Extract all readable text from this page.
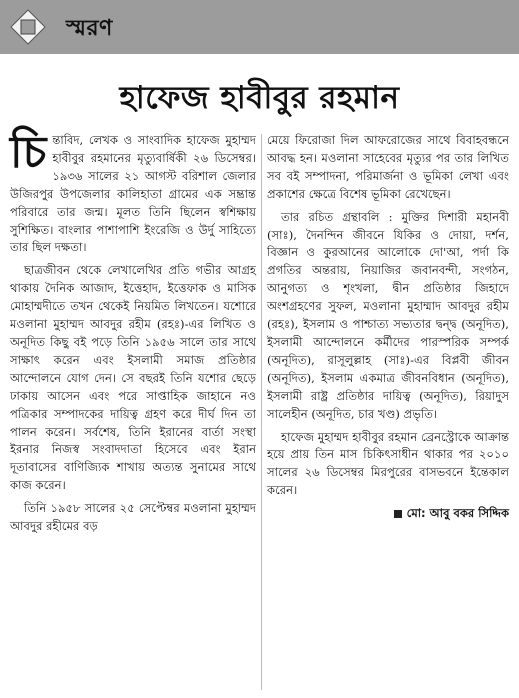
স্মরণ
হাফেজ হাবীবুর রহমান

চিন্তাবিদ, লেখক ও সাংবাদিক হাফেজ মুহাম্মদ হাবীবুর রহমানের মৃত্যুবার্ষিকী ২৬ ডিসেম্বর। ১৯৩৬ সালের ২১ আগস্ট বরিশাল জেলার উজিরপুর উপজেলার কালিহাতা গ্রামের এক সম্ভ্রান্ত পরিবারে তার জন্ম। মূলত তিনি ছিলেন স্বশিক্ষায় সুশিক্ষিত। বাংলার পাশাপাশি ইংরেজি ও উর্দু সাহিত্যে তার ছিল দক্ষতা।

ছাত্রজীবন থেকে লেখালেখির প্রতি গভীর আগ্রহ থাকায় দৈনিক আজাদ, ইত্তেহাদ, ইত্তেফাক ও মাসিক মোহাম্মদীতে তখন থেকেই নিয়মিত লিখতেন। যশোরে মওলানা মুহাম্মদ আবদুর রহীম (রহঃ)-এর লিখিত ও অনূদিত কিছু বই পড়ে তিনি ১৯৫৬ সালে তার সাথে সাক্ষাৎ করেন এবং ইসলামী সমাজ প্রতিষ্ঠার আন্দোলনে যোগ দেন। সে বছরই তিনি যশোর ছেড়ে ঢাকায় আসেন এবং পরে সাপ্তাহিক জাহানে নও পত্রিকার সম্পাদকের দায়িত্ব গ্রহণ করে দীর্ঘ দিন তা পালন করেন। সর্বশেষ, তিনি ইরানের বার্তা সংস্থা ইরনার নিজস্ব সংবাদদাতা হিসেবে এবং ইরান দূতাবাসের বাণিজ্যিক শাখায় অত্যন্ত সুনামের সাথে কাজ করেন।

তিনি ১৯৫৮ সালের ২৫ সেপ্টেম্বর মওলানা মুহাম্মদ আবদুর রহীমের বড়

মেয়ে ফিরোজা দিল আফরোজের সাথে বিবাহবন্ধনে আবদ্ধ হন। মওলানা সাহেবের মৃত্যুর পর তার লিখিত সব বই সম্পাদনা, পরিমার্জনা ও ভূমিকা লেখা এবং প্রকাশের ক্ষেত্রে বিশেষ ভূমিকা রেখেছেন।

তার রচিত গ্রন্থাবলি : মুক্তির দিশারী মহানবী (সাঃ), দৈনন্দিন জীবনে যিকির ও দোয়া, দর্শন, বিজ্ঞান ও কুরআনের আলোকে দো'আ, পর্দা কি প্রগতির অন্তরায়, নিয়াজির জবানবন্দী, সংগঠন, আনুগত্য ও শৃংখলা, দ্বীন প্রতিষ্ঠার জিহাদে অংশগ্রহণের সুফল, মওলানা মুহাম্মাদ আবদুর রহীম (রহঃ), ইসলাম ও পাশ্চাত্য সভ্যতার দ্বন্দ্ব (অনূদিত), ইসলামী আন্দোলনে কর্মীদের পারস্পরিক সম্পর্ক (অনূদিত), রাসূলুল্লাহ (সাঃ)-এর বিপ্লবী জীবন (অনূদিত), ইসলাম একমাত্র জীবনবিধান (অনূদিত), ইসলামী রাষ্ট্র প্রতিষ্ঠার দায়িত্ব (অনূদিত), রিয়াদুস সালেহীন (অনূদিত, চার খণ্ড) প্রভৃতি।

হাফেজ মুহাম্মদ হাবীবুর রহমান ব্রেনস্ট্রোকে আক্রান্ত হয়ে প্রায় তিন মাস চিকিৎসাধীন থাকার পর ২০১০ সালের ২৬ ডিসেম্বর মিরপুরের বাসভবনে ইন্তেকাল করেন।

মো: আবু বকর সিদ্দিক
